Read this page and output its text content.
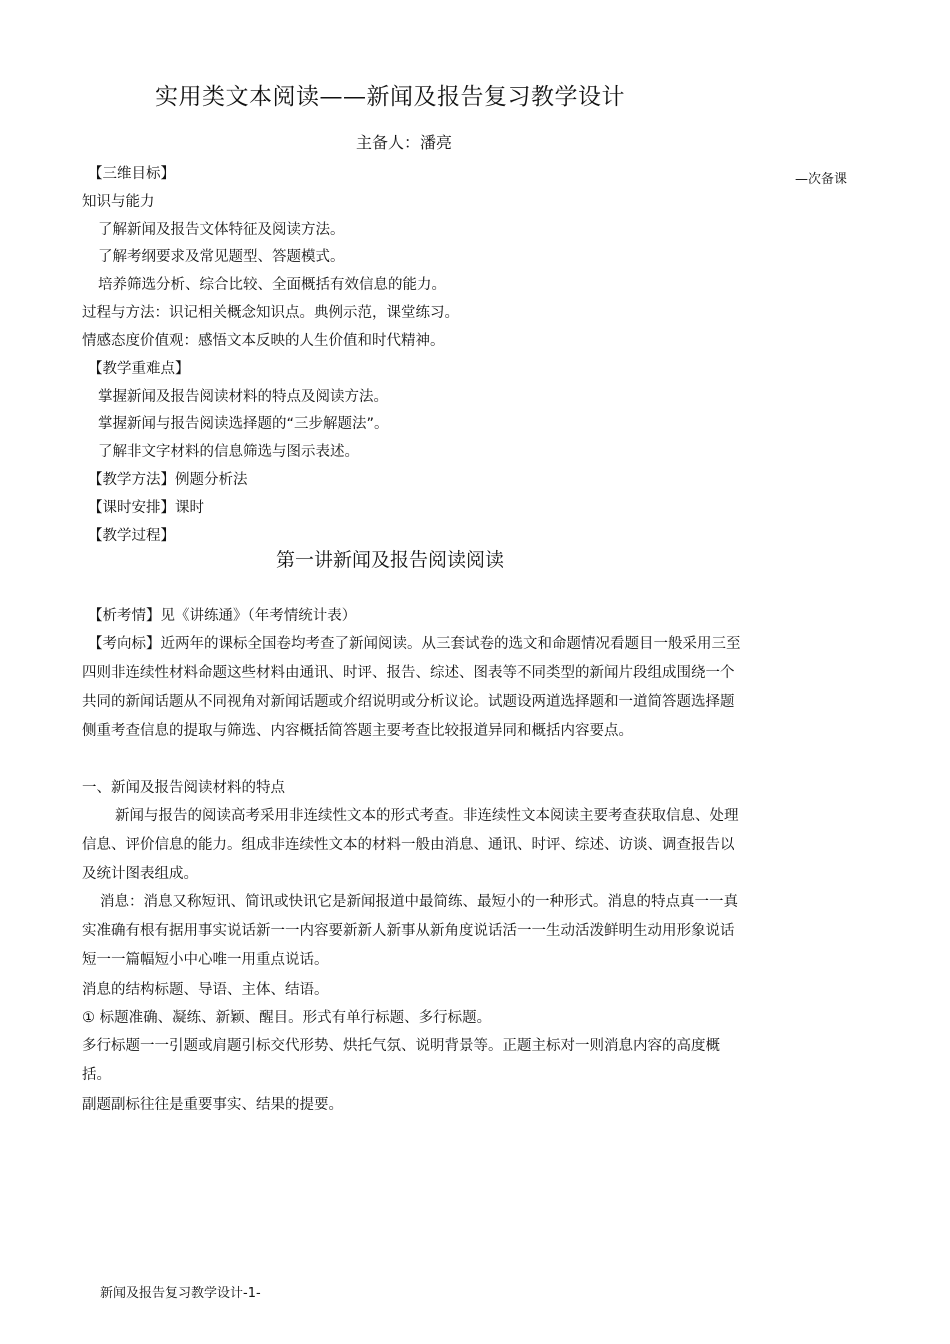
实用类文本阅读——新闻及报告复习教学设计
主备人：潘亮
—次备课
【三维目标】
知识与能力
了解新闻及报告文体特征及阅读方法。
了解考纲要求及常见题型、答题模式。
培养筛选分析、综合比较、全面概括有效信息的能力。
过程与方法：识记相关概念知识点。典例示范，课堂练习。
情感态度价值观：感悟文本反映的人生价值和时代精神。
【教学重难点】
掌握新闻及报告阅读材料的特点及阅读方法。
掌握新闻与报告阅读选择题的“三步解题法”。
了解非文字材料的信息筛选与图示表述。
【教学方法】例题分析法
【课时安排】课时
【教学过程】
第一讲新闻及报告阅读阅读
【析考情】见《讲练通》（年考情统计表）
【考向标】近两年的课标全国卷均考查了新闻阅读。从三套试卷的选文和命题情况看题目一般采用三至四则非连续性材料命题这些材料由通讯、时评、报告、综述、图表等不同类型的新闻片段组成围绕一个共同的新闻话题从不同视角对新闻话题或介绍说明或分析议论。试题设两道选择题和一道简答题选择题侧重考查信息的提取与筛选、内容概括简答题主要考查比较报道异同和概括内容要点。
一、新闻及报告阅读材料的特点
新闻与报告的阅读高考采用非连续性文本的形式考查。非连续性文本阅读主要考查获取信息、处理信息、评价信息的能力。组成非连续性文本的材料一般由消息、通讯、时评、综述、访谈、调查报告以及统计图表组成。
消息：消息又称短讯、简讯或快讯它是新闻报道中最简练、最短小的一种形式。消息的特点真一一真实准确有根有据用事实说话新一一内容要新新人新事从新角度说话活一一生动活泼鲜明生动用形象说话短一一篇幅短小中心唯一用重点说话。
消息的结构标题、导语、主体、结语。
① 标题准确、凝练、新颖、醒目。形式有单行标题、多行标题。
多行标题一一引题或肩题引标交代形势、烘托气氛、说明背景等。正题主标对一则消息内容的高度概括。
副题副标往往是重要事实、结果的提要。
新闻及报告复习教学设计-1-
